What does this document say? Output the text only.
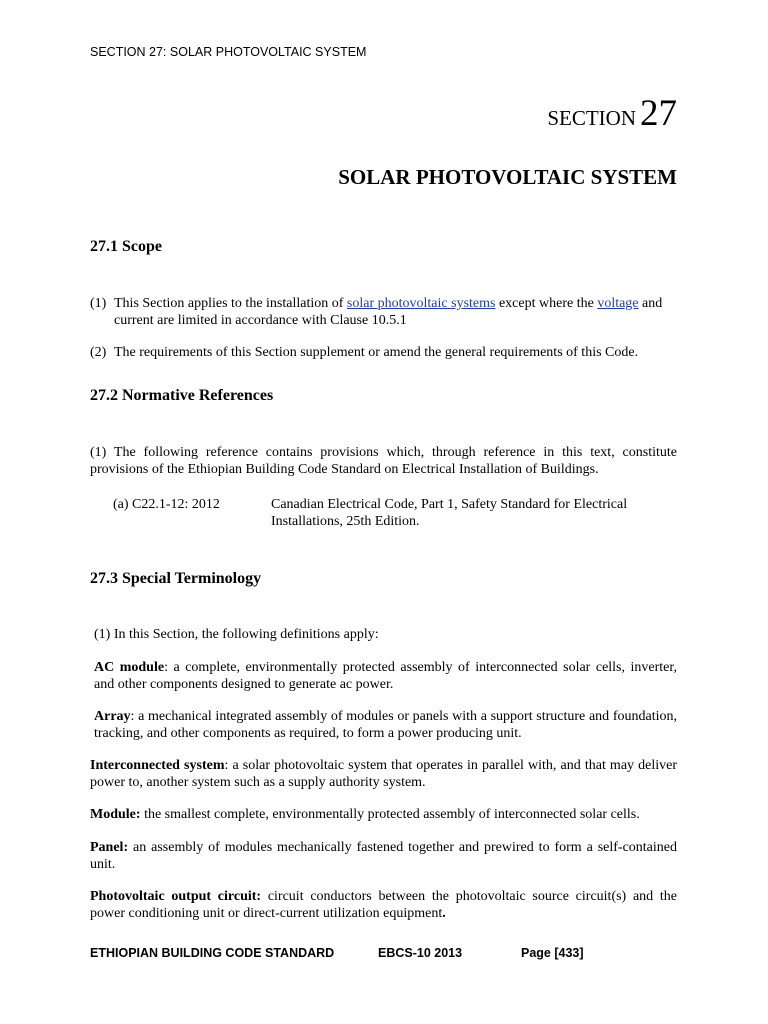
SECTION 27: SOLAR PHOTOVOLTAIC SYSTEM
SECTION 27
SOLAR PHOTOVOLTAIC SYSTEM
27.1 Scope
(1) This Section applies to the installation of solar photovoltaic systems except where the voltage and
current are limited in accordance with Clause 10.5.1
(2) The requirements of this Section supplement or amend the general requirements of this Code.
27.2 Normative References
(1) The following reference contains provisions which, through reference in this text, constitute provisions of the Ethiopian Building Code Standard on Electrical Installation of Buildings.
(a) C22.1-12: 2012	Canadian Electrical Code, Part 1, Safety Standard for Electrical Installations, 25th Edition.
27.3 Special Terminology
(1) In this Section, the following definitions apply:
AC module: a complete, environmentally protected assembly of interconnected solar cells, inverter, and other components designed to generate ac power.
Array: a mechanical integrated assembly of modules or panels with a support structure and foundation, tracking, and other components as required, to form a power producing unit.
Interconnected system: a solar photovoltaic system that operates in parallel with, and that may deliver power to, another system such as a supply authority system.
Module: the smallest complete, environmentally protected assembly of interconnected solar cells.
Panel: an assembly of modules mechanically fastened together and prewired to form a self-contained unit.
Photovoltaic output circuit: circuit conductors between the photovoltaic source circuit(s) and the power conditioning unit or direct-current utilization equipment.
ETHIOPIAN BUILDING CODE STANDARD	EBCS-10 2013	Page [433]
